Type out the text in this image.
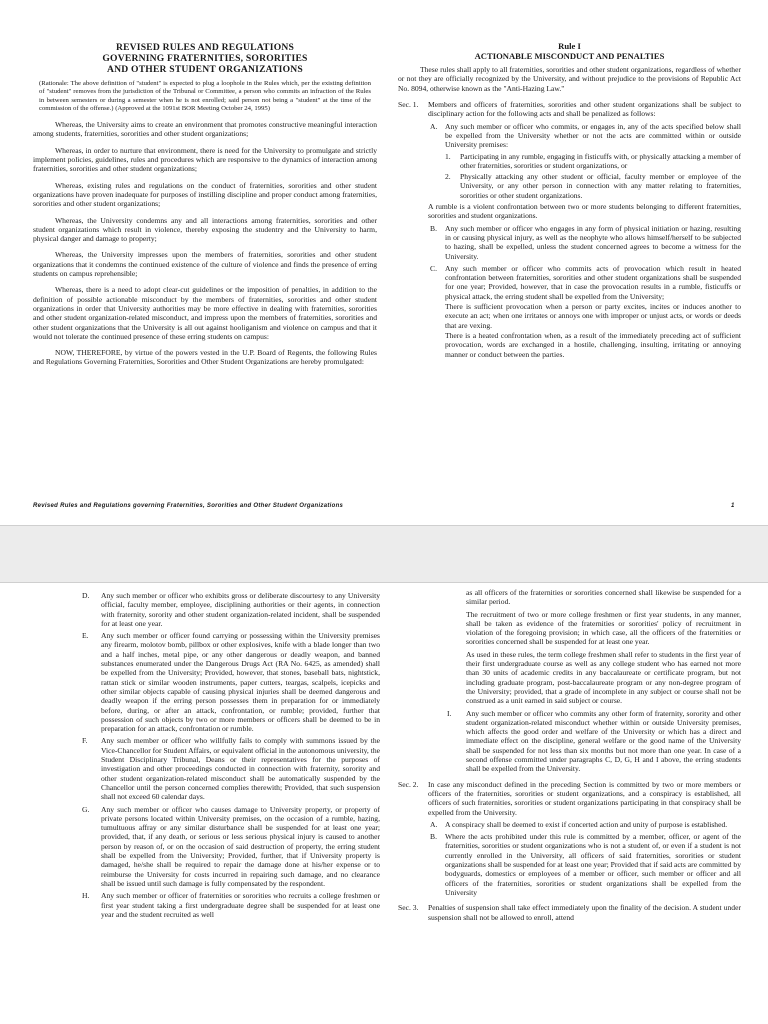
REVISED RULES AND REGULATIONS
GOVERNING FRATERNITIES, SORORITIES
AND OTHER STUDENT ORGANIZATIONS
(Rationale: The above definition of "student" is expected to plug a loophole in the Rules which, per the existing definition of "student" removes from the jurisdiction of the Tribunal or Committee, a person who commits an infraction of the Rules in between semesters or during a semester when he is not enrolled; said person not being a "student" at the time of the commission of the offense.) (Approved at the 1091st BOR Meeting October 24, 1995)
Whereas, the University aims to create an environment that promotes constructive meaningful interaction among students, fraternities, sororities and other student organizations;
Whereas, in order to nurture that environment, there is need for the University to promulgate and strictly implement policies, guidelines, rules and procedures which are responsive to the dynamics of interaction among fraternities, sororities and other student organizations;
Whereas, existing rules and regulations on the conduct of fraternities, sororities and other student organizations have proven inadequate for purposes of instilling discipline and proper conduct among fraternities, sororities and other student organizations;
Whereas, the University condemns any and all interactions among fraternities, sororities and other student organizations which result in violence, thereby exposing the studentry and the University to harm, physical danger and damage to property;
Whereas, the University impresses upon the members of fraternities, sororities and other student organizations that it condemns the continued existence of the culture of violence and finds the presence of erring students on campus reprehensible;
Whereas, there is a need to adopt clear-cut guidelines or the imposition of penalties, in addition to the definition of possible actionable misconduct by the members of fraternities, sororities and other student organizations in order that University authorities may be more effective in dealing with fraternities, sororities and other student organization-related misconduct, and impress upon the members of fraternities, sororities and other student organizations that the University is all out against hooliganism and violence on campus and that it would not tolerate the continued presence of these erring students on campus:
NOW, THEREFORE, by virtue of the powers vested in the U.P. Board of Regents, the following Rules and Regulations Governing Fraternities, Sororities and Other Student Organizations are hereby promulgated:
Rule I
ACTIONABLE MISCONDUCT AND PENALTIES
These rules shall apply to all fraternities, sororities and other student organizations, regardless of whether or not they are officially recognized by the University, and without prejudice to the provisions of Republic Act No. 8094, otherwise known as the "Anti-Hazing Law."
Sec. 1.	Members and officers of fraternities, sororities and other student organizations shall be subject to disciplinary action for the following acts and shall be penalized as follows:
A.	Any such member or officer who commits, or engages in, any of the acts specified below shall be expelled from the University whether or not the acts are committed within or outside University premises:
1.	Participating in any rumble, engaging in fisticuffs with, or physically attacking a member of other fraternities, sororities or student organizations, or
2.	Physically attacking any other student or official, faculty member or employee of the University, or any other person in connection with any matter relating to fraternities, sororities or other student organizations.
A rumble is a violent confrontation between two or more students belonging to different fraternities, sororities and student organizations.
B.	Any such member or officer who engages in any form of physical initiation or hazing, resulting in or causing physical injury, as well as the neophyte who allows himself/herself to be subjected to hazing, shall be expelled, unless the student concerned agrees to become a witness for the University.
C.	Any such member or officer who commits acts of provocation which result in heated confrontation between fraternities, sororities and other student organizations shall be suspended for one year; Provided, however, that in case the provocation results in a rumble, fisticuffs or physical attack, the erring student shall be expelled from the University;
There is sufficient provocation when a person or party excites, incites or induces another to execute an act; when one irritates or annoys one with improper or unjust acts, or words or deeds that are vexing.
There is a heated confrontation when, as a result of the immediately preceding act of sufficient provocation, words are exchanged in a hostile, challenging, insulting, irritating or annoying manner or conduct between the parties.
Revised Rules and Regulations governing Fraternities, Sororities and Other Student Organizations	1
D.	Any such member or officer who exhibits gross or deliberate discourtesy to any University official, faculty member, employee, disciplining authorities or their agents, in connection with fraternity, sorority and other student organization-related incident, shall be suspended for at least one year.
E.	Any such member or officer found carrying or possessing within the University premises any firearm, molotov bomb, pillbox or other explosives, knife with a blade longer than two and a half inches, metal pipe, or any other dangerous or deadly weapon, and banned substances enumerated under the Dangerous Drugs Act (RA No. 6425, as amended) shall be expelled from the University; Provided, however, that stones, baseball bats, nightstick, rattan stick or similar wooden instruments, paper cutters, teargas, scalpels, icepicks and other similar objects capable of causing physical injuries shall be deemed dangerous and deadly weapon if the erring person possesses them in preparation for or immediately before, during, or after an attack, confrontation, or rumble; provided, further that possession of such objects by two or more members or officers shall be deemed to be in preparation for an attack, confrontation or rumble.
F.	Any such member or officer who willfully fails to comply with summons issued by the Vice-Chancellor for Student Affairs, or equivalent official in the autonomous university, the Student Disciplinary Tribunal, Deans or their representatives for the purposes of investigation and other proceedings conducted in connection with fraternity, sorority and other student organization-related misconduct shall be automatically suspended by the Chancellor until the person concerned complies therewith; Provided, that such suspension shall not exceed 60 calendar days.
G.	Any such member or officer who causes damage to University property, or property of private persons located within University premises, on the occasion of a rumble, hazing, tumultuous affray or any similar disturbance shall be suspended for at least one year; provided, that, if any death, or serious or less serious physical injury is caused to another person by reason of, or on the occasion of said destruction of property, the erring student shall be expelled from the University; Provided, further, that if University property is damaged, he/she shall be required to repair the damage done at his/her expense or to reimburse the University for costs incurred in repairing such damage, and no clearance shall be issued until such damage is fully compensated by the respondent.
H.	Any such member or officer of fraternities or sororities who recruits a college freshmen or first year student taking a first undergraduate degree shall be suspended for at least one year and the student recruited as well
as all officers of the fraternities or sororities concerned shall likewise be suspended for a similar period.
The recruitment of two or more college freshmen or first year students, in any manner, shall be taken as evidence of the fraternities or sororities' policy of recruitment in violation of the foregoing provision; in which case, all the officers of the fraternities or sororities concerned shall be suspended for at least one year.
As used in these rules, the term college freshmen shall refer to students in the first year of their first undergraduate course as well as any college student who has earned not more than 30 units of academic credits in any baccalaureate or certificate program, but not including graduate program, post-baccalaureate program or any non-degree program of the University; provided, that a grade of incomplete in any subject or course shall not be construed as a unit earned in said subject or course.
I.	Any such member or officer who commits any other form of fraternity, sorority and other student organization-related misconduct whether within or outside University premises, which affects the good order and welfare of the University or which has a direct and immediate effect on the discipline, general welfare or the good name of the University shall be suspended for not less than six months but not more than one year. In case of a second offense committed under paragraphs C, D, G, H and I above, the erring students shall be expelled from the University.
Sec. 2.	In case any misconduct defined in the preceding Section is committed by two or more members or officers of the fraternities, sororities or student organizations, and a conspiracy is established, all officers of such fraternities, sororities or student organizations participating in that conspiracy shall be expelled from the University.
A.	A conspiracy shall be deemed to exist if concerted action and unity of purpose is established.
B.	Where the acts prohibited under this rule is committed by a member, officer, or agent of the fraternities, sororities or student organizations who is not a student of, or even if a student is not currently enrolled in the University, all officers of said fraternities, sororities or student organizations shall be suspended for at least one year; Provided that if said acts are committed by bodyguards, domestics or employees of a member or officer, such member or officer and all officers of the fraternities, sororities or student organizations shall be expelled from the University
Sec. 3.	Penalties of suspension shall take effect immediately upon the finality of the decision. A student under suspension shall not be allowed to enroll, attend
